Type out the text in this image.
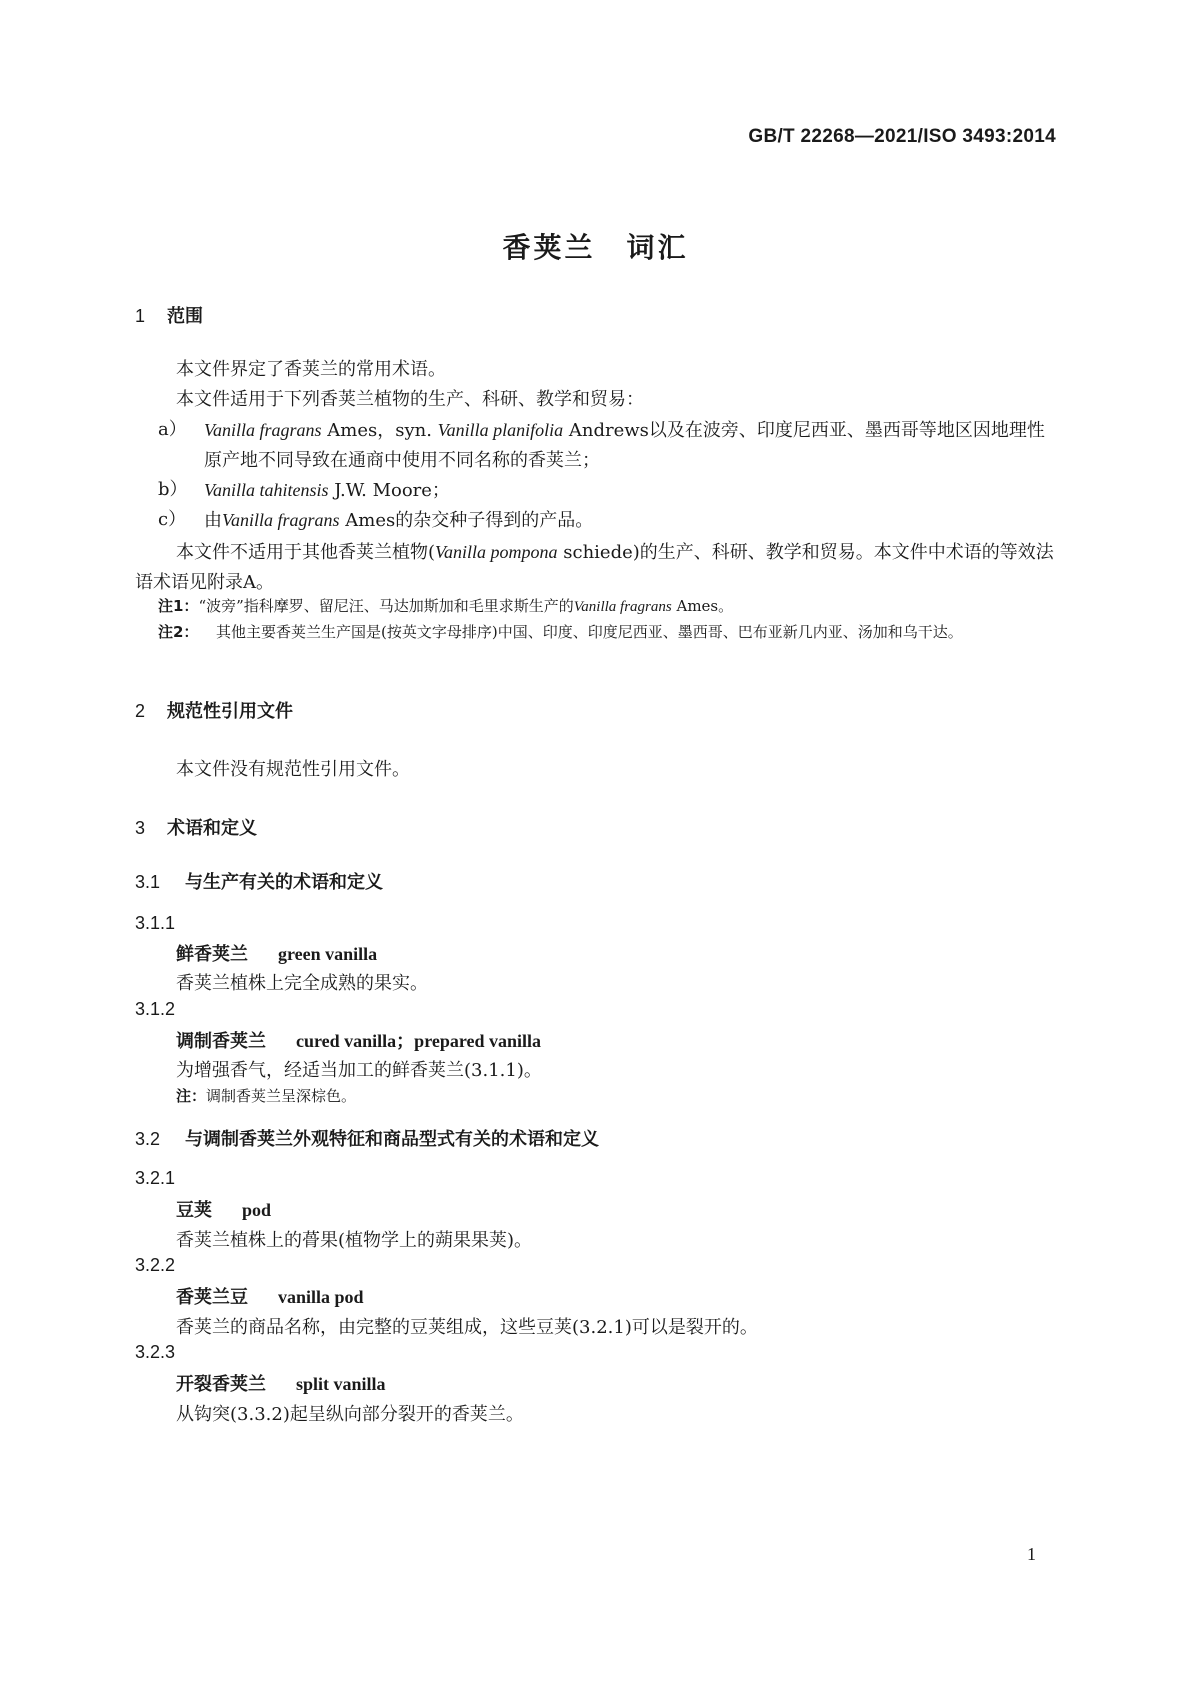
GB/T 22268—2021/ISO 3493:2014
香荚兰　词汇
1 范围
本文件界定了香荚兰的常用术语。
本文件适用于下列香荚兰植物的生产、科研、教学和贸易：
a） Vanilla fragrans Ames，syn. Vanilla planifolia Andrews以及在波旁、印度尼西亚、墨西哥等地区因地理性原产地不同导致在通商中使用不同名称的香荚兰；
b） Vanilla tahitensis J.W. Moore；
c） 由Vanilla fragrans Ames的杂交种子得到的产品。
本文件不适用于其他香荚兰植物(Vanilla pompona schiede)的生产、科研、教学和贸易。本文件中术语的等效法语术语见附录A。
注1：“波旁”指科摩罗、留尼汪、马达加斯加和毛里求斯生产的Vanilla fragrans Ames。
注2： 其他主要香荚兰生产国是(按英文字母排序)中国、印度、印度尼西亚、墨西哥、巴布亚新几内亚、汤加和乌干达。
2 规范性引用文件
本文件没有规范性引用文件。
3 术语和定义
3.1 与生产有关的术语和定义
3.1.1
鲜香荚兰 green vanilla
香荚兰植株上完全成熟的果实。
3.1.2
调制香荚兰 cured vanilla；prepared vanilla
为增强香气，经适当加工的鲜香荚兰(3.1.1)。
注：调制香荚兰呈深棕色。
3.2 与调制香荚兰外观特征和商品型式有关的术语和定义
3.2.1
豆荚 pod
香荚兰植株上的蓇果(植物学上的蒴果果荚)。
3.2.2
香荚兰豆 vanilla pod
香荚兰的商品名称，由完整的豆荚组成，这些豆荚(3.2.1)可以是裂开的。
3.2.3
开裂香荚兰 split vanilla
从钩突(3.3.2)起呈纵向部分裂开的香荚兰。
1
